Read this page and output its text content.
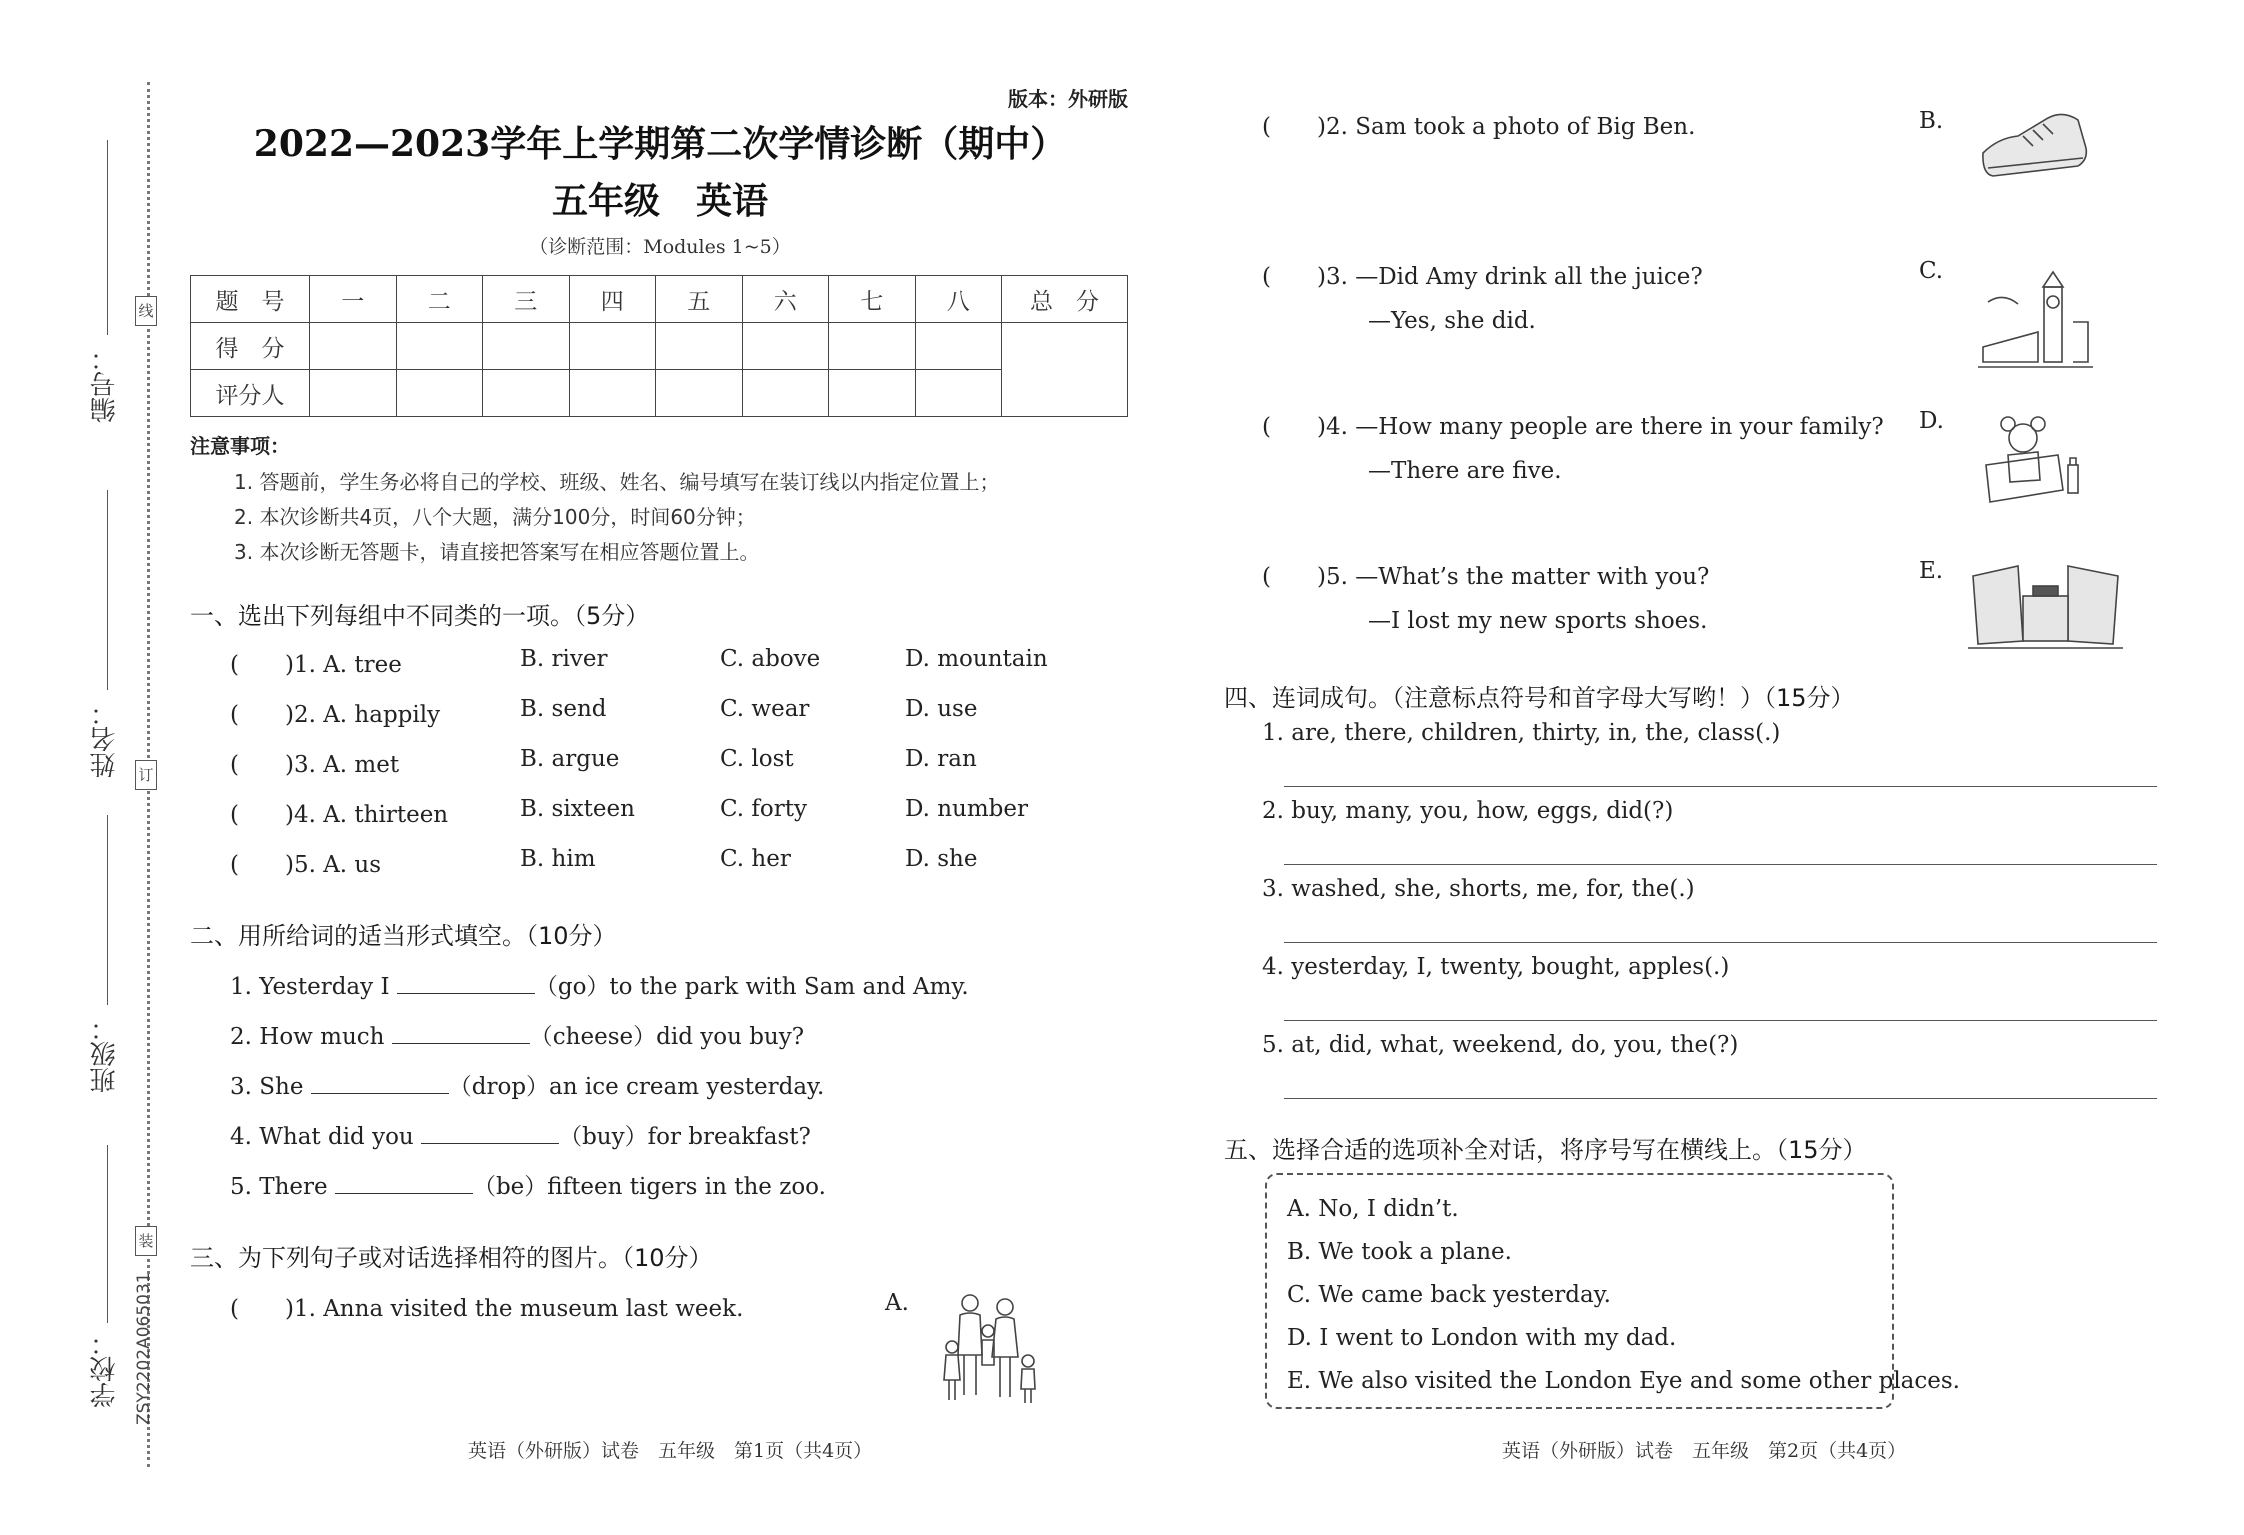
学校：
班级：
姓名：
编号：
线
订
装
ZSY2202A065031
版本：外研版
2022—2023学年上学期第二次学情诊断（期中）
五年级　英语
（诊断范围：Modules 1~5）
题　号	一	二	三	四	五	六	七	八	总　分
得　分									
评分人									
注意事项：
1. 答题前，学生务必将自己的学校、班级、姓名、编号填写在装订线以内指定位置上；
2. 本次诊断共4页，八个大题，满分100分，时间60分钟；
3. 本次诊断无答题卡，请直接把答案写在相应答题位置上。
一、选出下列每组中不同类的一项。（5分）
(　　)1. A. tree	B. river	C. above	D. mountain
(　　)2. A. happily	B. send	C. wear	D. use
(　　)3. A. met	B. argue	C. lost	D. ran
(　　)4. A. thirteen	B. sixteen	C. forty	D. number
(　　)5. A. us	B. him	C. her	D. she
二、用所给词的适当形式填空。（10分）
1. Yesterday I	（go）to the park with Sam and Amy.
2. How much	（cheese）did you buy?
3. She	（drop）an ice cream yesterday.
4. What did you	（buy）for breakfast?
5. There	（be）fifteen tigers in the zoo.
三、为下列句子或对话选择相符的图片。（10分）
(　　)1. Anna visited the museum last week.	A.
(　　)2. Sam took a photo of Big Ben.	B.
(　　)3. —Did Amy drink all the juice?
—Yes, she did.
C.
(　　)4. —How many people are there in your family?
—There are five.
D.
(　　)5. —What’s the matter with you?
—I lost my new sports shoes.
E.
四、连词成句。（注意标点符号和首字母大写哟！）（15分）
1. are, there, children, thirty, in, the, class(.)
2. buy, many, you, how, eggs, did(?)
3. washed, she, shorts, me, for, the(.)
4. yesterday, I, twenty, bought, apples(.)
5. at, did, what, weekend, do, you, the(?)
五、选择合适的选项补全对话，将序号写在横线上。（15分）
A. No, I didn’t.
B. We took a plane.
C. We came back yesterday.
D. I went to London with my dad.
E. We also visited the London Eye and some other places.
英语（外研版）试卷　五年级　第1页（共4页）	英语（外研版）试卷　五年级　第2页（共4页）
